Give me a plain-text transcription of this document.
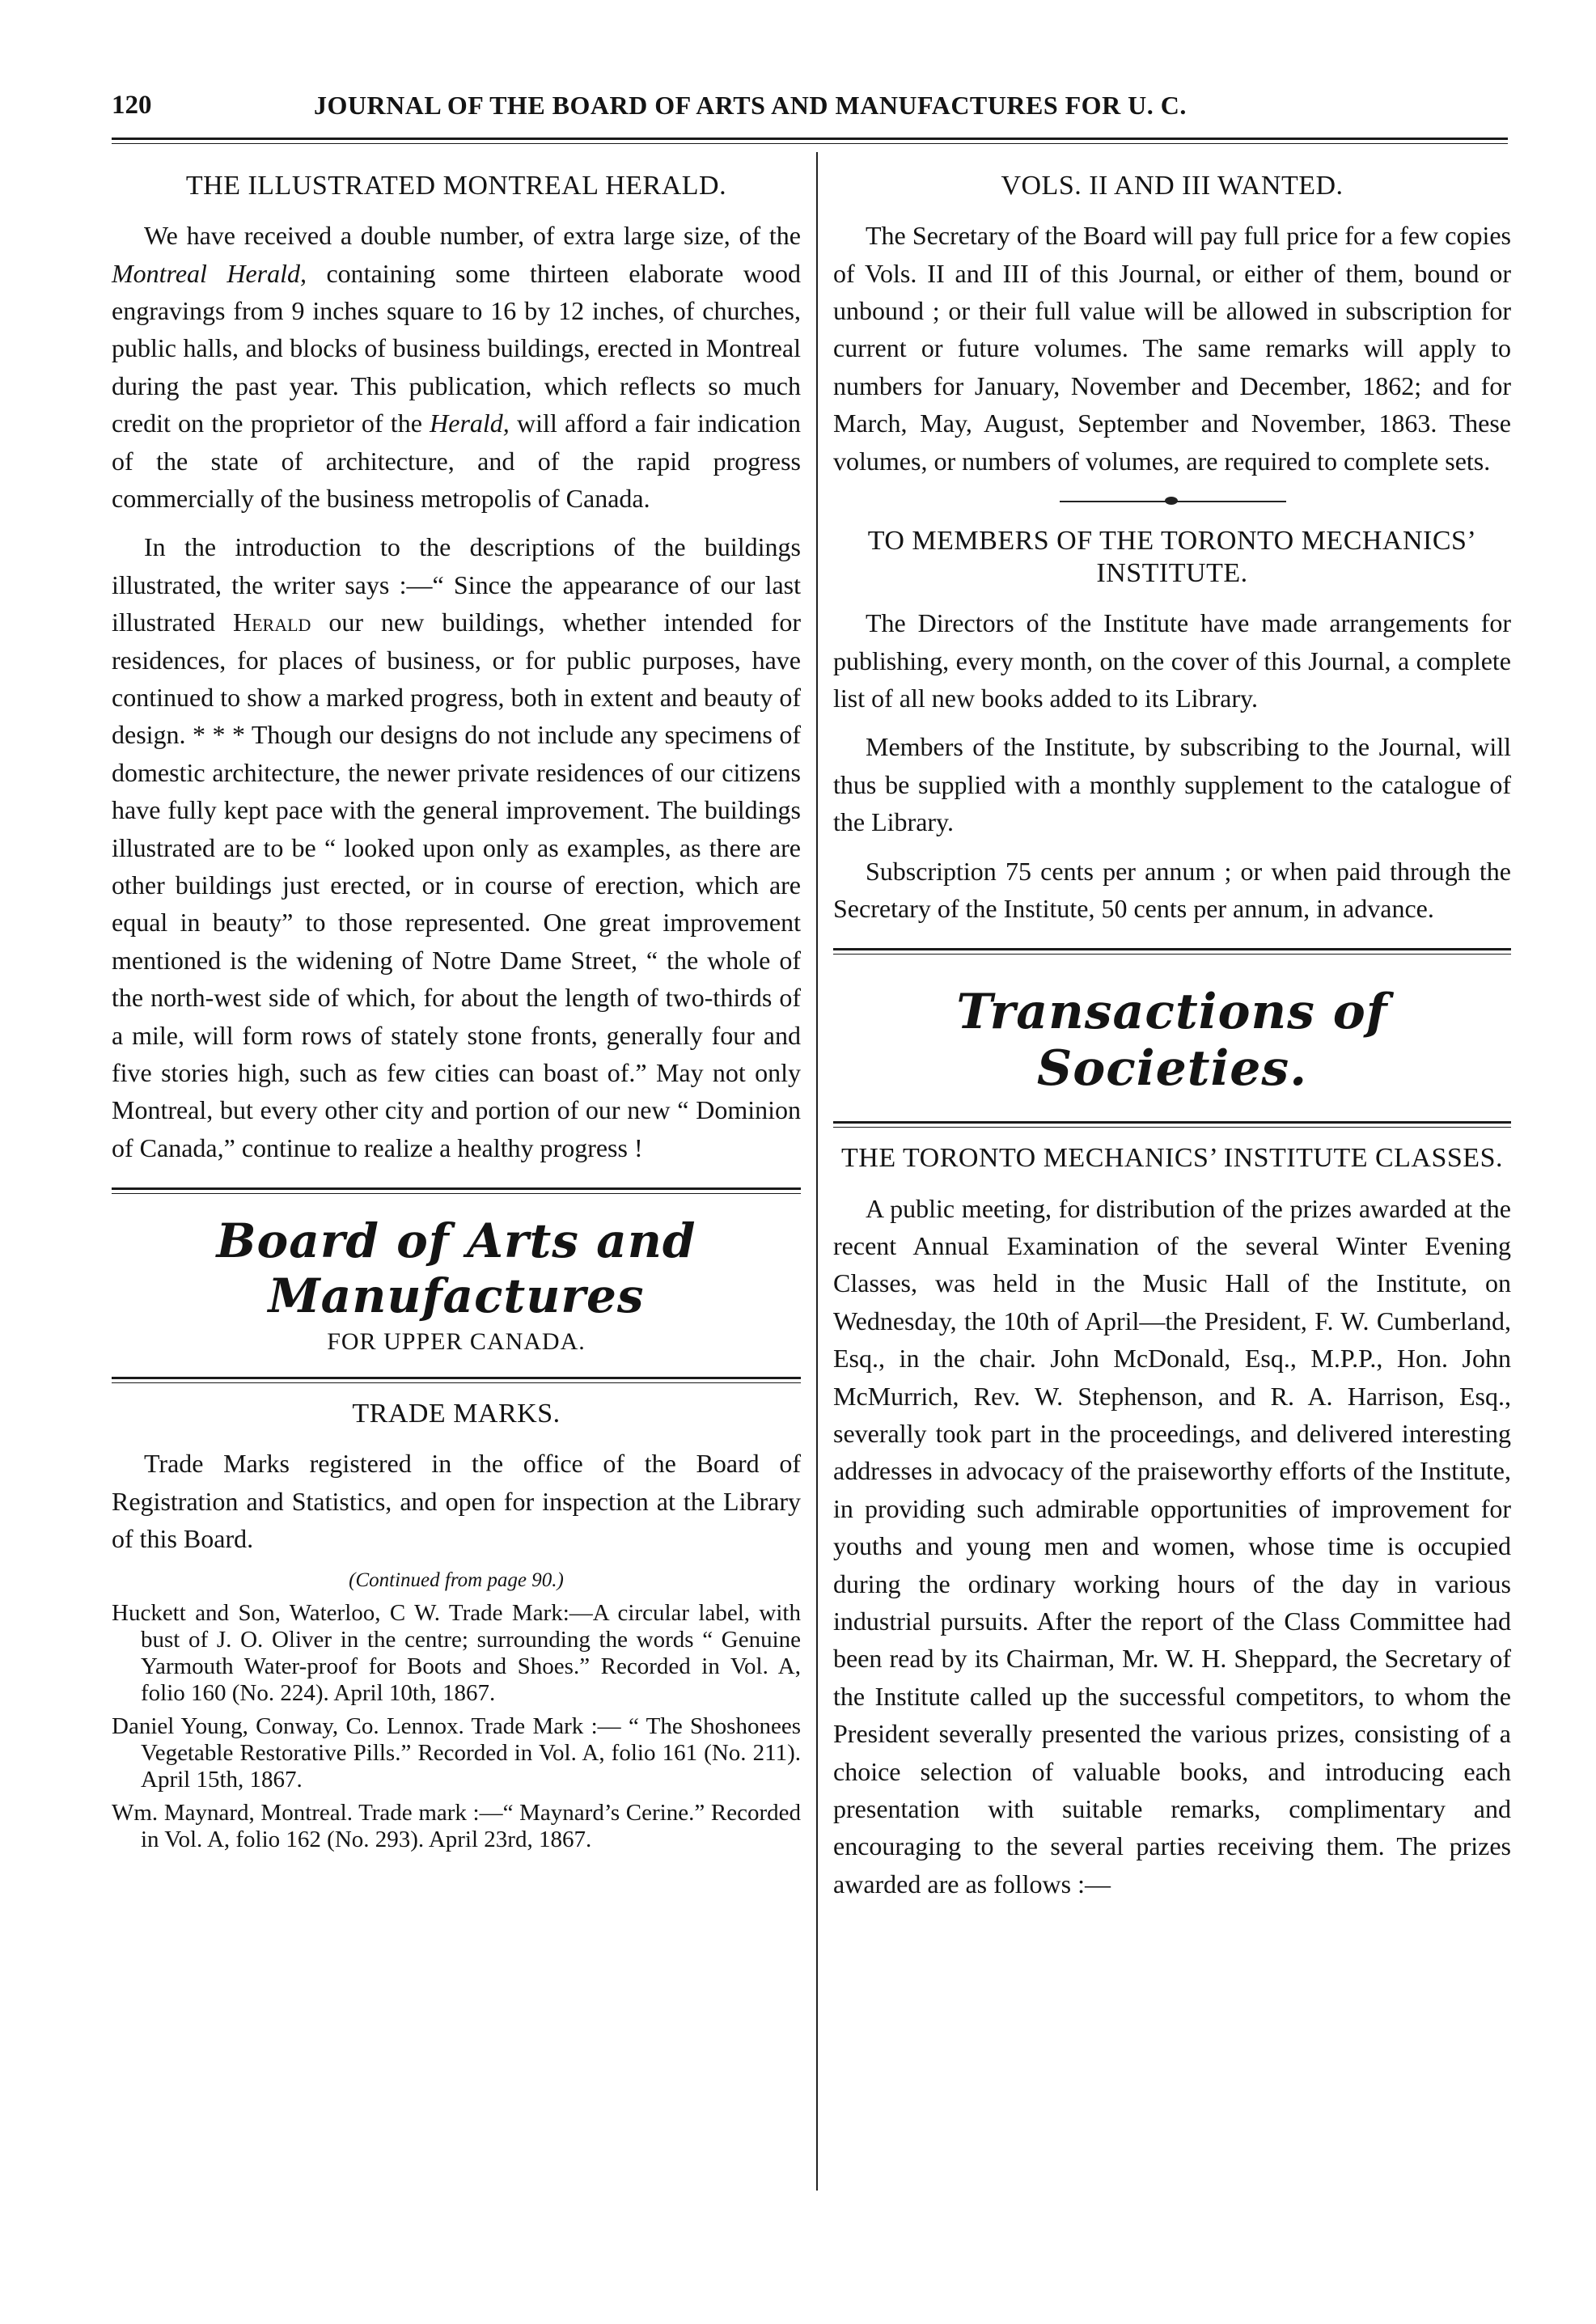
120	JOURNAL OF THE BOARD OF ARTS AND MANUFACTURES FOR U. C.
THE ILLUSTRATED MONTREAL HERALD.

We have received a double number, of extra large size, of the Montreal Herald, containing some thirteen elaborate wood engravings from 9 inches square to 16 by 12 inches, of churches, public halls, and blocks of business buildings, erected in Montreal during the past year. This publication, which reflects so much credit on the proprietor of the Herald, will afford a fair indication of the state of architecture, and of the rapid progress commercially of the business metropolis of Canada.

In the introduction to the descriptions of the buildings illustrated, the writer says :—“ Since the appearance of our last illustrated Herald our new buildings, whether intended for residences, for places of business, or for public purposes, have continued to show a marked progress, both in extent and beauty of design. * * * Though our designs do not include any specimens of domestic architecture, the newer private residences of our citizens have fully kept pace with the general improvement. The buildings illustrated are to be “ looked upon only as examples, as there are other buildings just erected, or in course of erection, which are equal in beauty” to those represented. One great improvement mentioned is the widening of Notre Dame Street, “ the whole of the north-west side of which, for about the length of two-thirds of a mile, will form rows of stately stone fronts, generally four and five stories high, such as few cities can boast of.” May not only Montreal, but every other city and portion of our new “ Dominion of Canada,” continue to realize a healthy progress !

Board of Arts and Manufactures
FOR UPPER CANADA.
TRADE MARKS.

Trade Marks registered in the office of the Board of Registration and Statistics, and open for inspection at the Library of this Board.

(Continued from page 90.)
Huckett and Son, Waterloo, C W. Trade Mark:—A circular label, with bust of J. O. Oliver in the centre; surrounding the words “ Genuine Yarmouth Water-proof for Boots and Shoes.” Recorded in Vol. A, folio 160 (No. 224). April 10th, 1867.
Daniel Young, Conway, Co. Lennox. Trade Mark :— “ The Shoshonees Vegetable Restorative Pills.” Recorded in Vol. A, folio 161 (No. 211). April 15th, 1867.
Wm. Maynard, Montreal. Trade mark :—“ Maynard’s Cerine.” Recorded in Vol. A, folio 162 (No. 293). April 23rd, 1867.
VOLS. II AND III WANTED.

The Secretary of the Board will pay full price for a few copies of Vols. II and III of this Journal, or either of them, bound or unbound ; or their full value will be allowed in subscription for current or future volumes. The same remarks will apply to numbers for January, November and December, 1862; and for March, May, August, September and November, 1863. These volumes, or numbers of volumes, are required to complete sets.

TO MEMBERS OF THE TORONTO MECHANICS’ INSTITUTE.

The Directors of the Institute have made arrangements for publishing, every month, on the cover of this Journal, a complete list of all new books added to its Library.

Members of the Institute, by subscribing to the Journal, will thus be supplied with a monthly supplement to the catalogue of the Library.

Subscription 75 cents per annum ; or when paid through the Secretary of the Institute, 50 cents per annum, in advance.

Transactions of Societies.
THE TORONTO MECHANICS’ INSTITUTE CLASSES.

A public meeting, for distribution of the prizes awarded at the recent Annual Examination of the several Winter Evening Classes, was held in the Music Hall of the Institute, on Wednesday, the 10th of April—the President, F. W. Cumberland, Esq., in the chair. John McDonald, Esq., M.P.P., Hon. John McMurrich, Rev. W. Stephenson, and R. A. Harrison, Esq., severally took part in the proceedings, and delivered interesting addresses in advocacy of the praiseworthy efforts of the Institute, in providing such admirable opportunities of improvement for youths and young men and women, whose time is occupied during the ordinary working hours of the day in various industrial pursuits. After the report of the Class Committee had been read by its Chairman, Mr. W. H. Sheppard, the Secretary of the Institute called up the successful competitors, to whom the President severally presented the various prizes, consisting of a choice selection of valuable books, and introducing each presentation with suitable remarks, complimentary and encouraging to the several parties receiving them. The prizes awarded are as follows :—
